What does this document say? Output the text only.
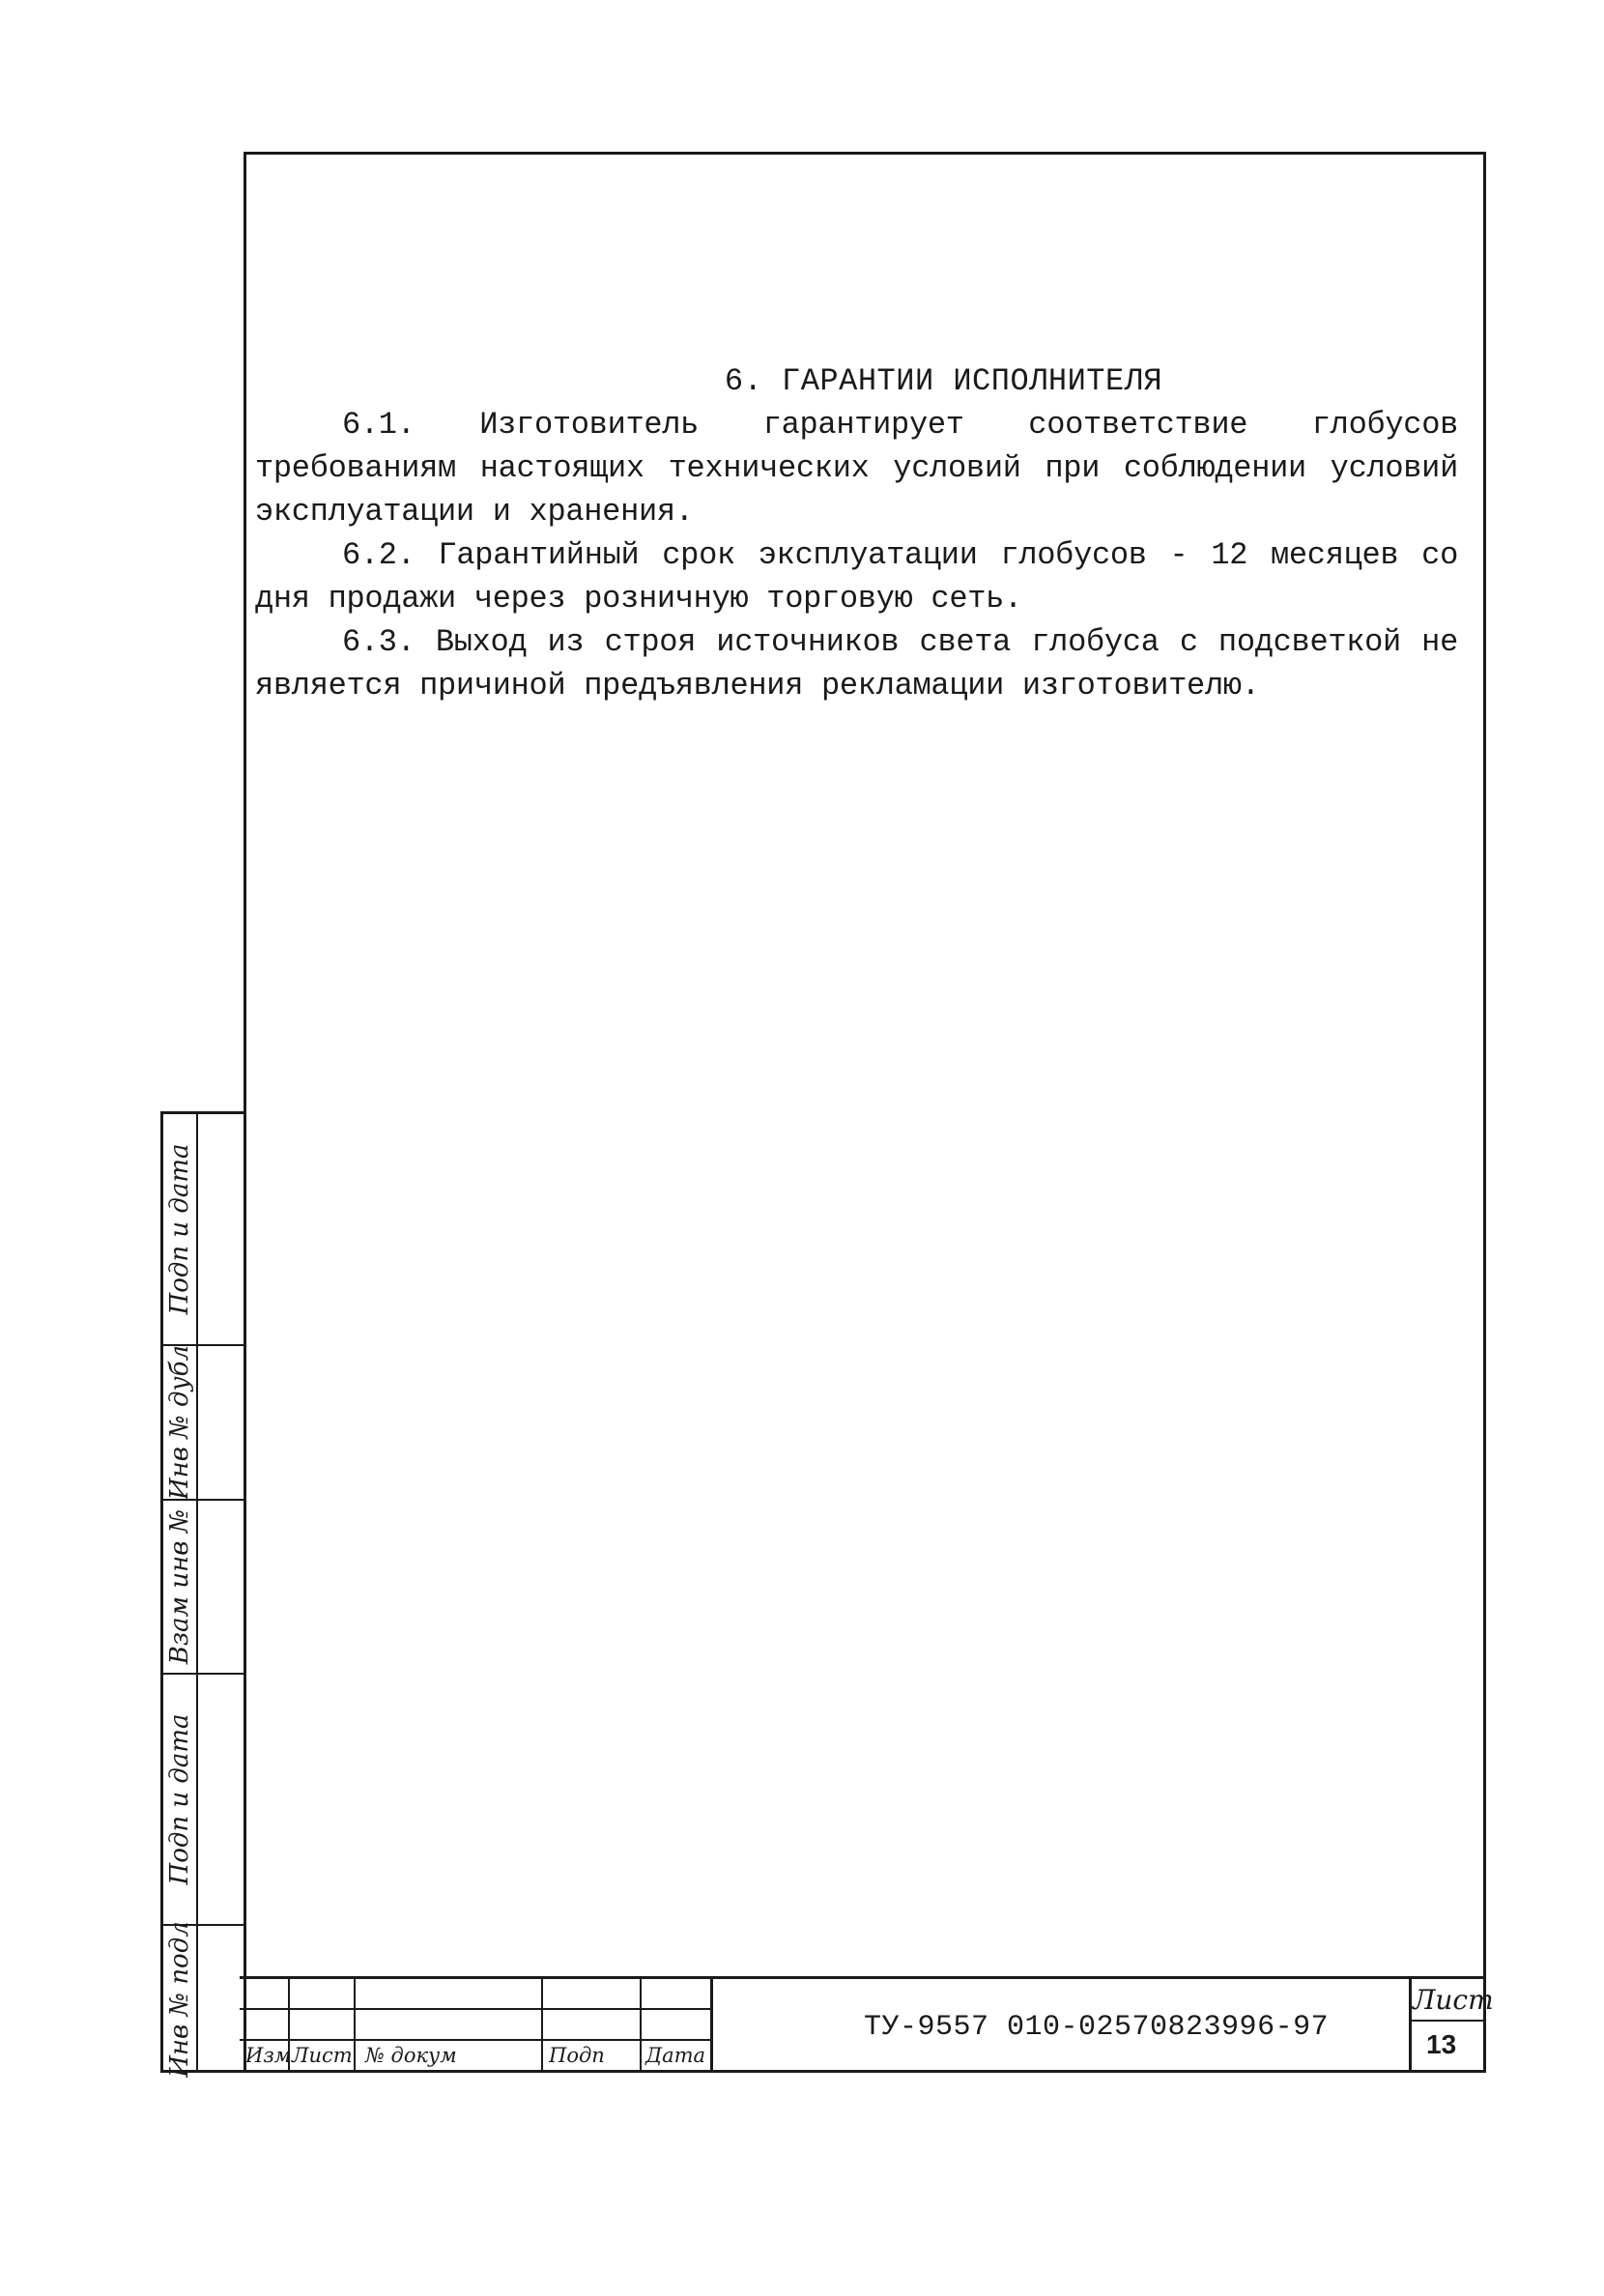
6. ГАРАНТИИ ИСПОЛНИТЕЛЯ

6.1. Изготовитель гарантирует соответствие глобусов требованиям настоящих технических условий при соблюдении условий эксплуатации и хранения.

6.2. Гарантийный срок эксплуатации глобусов - 12 месяцев со дня продажи через розничную торговую сеть.

6.3. Выход из строя источников света глобуса с подсветкой не является причиной предъявления рекламации изготовителю.

Подп и дата
Инв № дубл
Взам инв №
Подп и дата
Инв № подл	Изм Лист № докум	Подп Дата
ТУ-9557 010-02570823996-97
Лист
13
